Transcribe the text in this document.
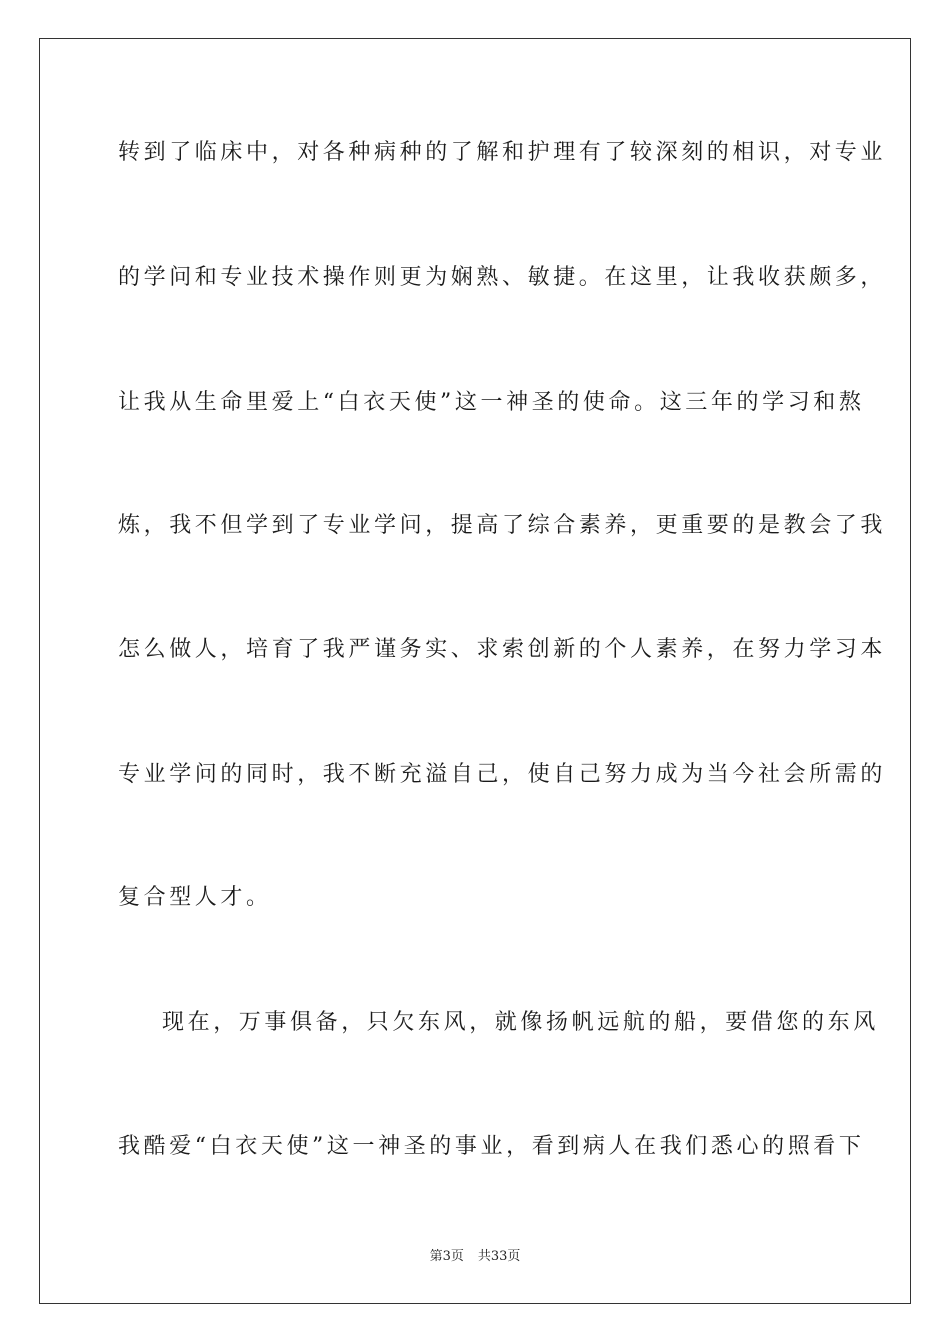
转到了临床中，对各种病种的了解和护理有了较深刻的相识，对专业
的学问和专业技术操作则更为娴熟、敏捷。在这里，让我收获颇多，
让我从生命里爱上“白衣天使”这一神圣的使命。这三年的学习和熬
炼，我不但学到了专业学问，提高了综合素养，更重要的是教会了我
怎么做人，培育了我严谨务实、求索创新的个人素养，在努力学习本
专业学问的同时，我不断充溢自己，使自己努力成为当今社会所需的
复合型人才。
现在，万事俱备，只欠东风，就像扬帆远航的船，要借您的东风
我酷爱“白衣天使”这一神圣的事业，看到病人在我们悉心的照看下
第3页 共33页
